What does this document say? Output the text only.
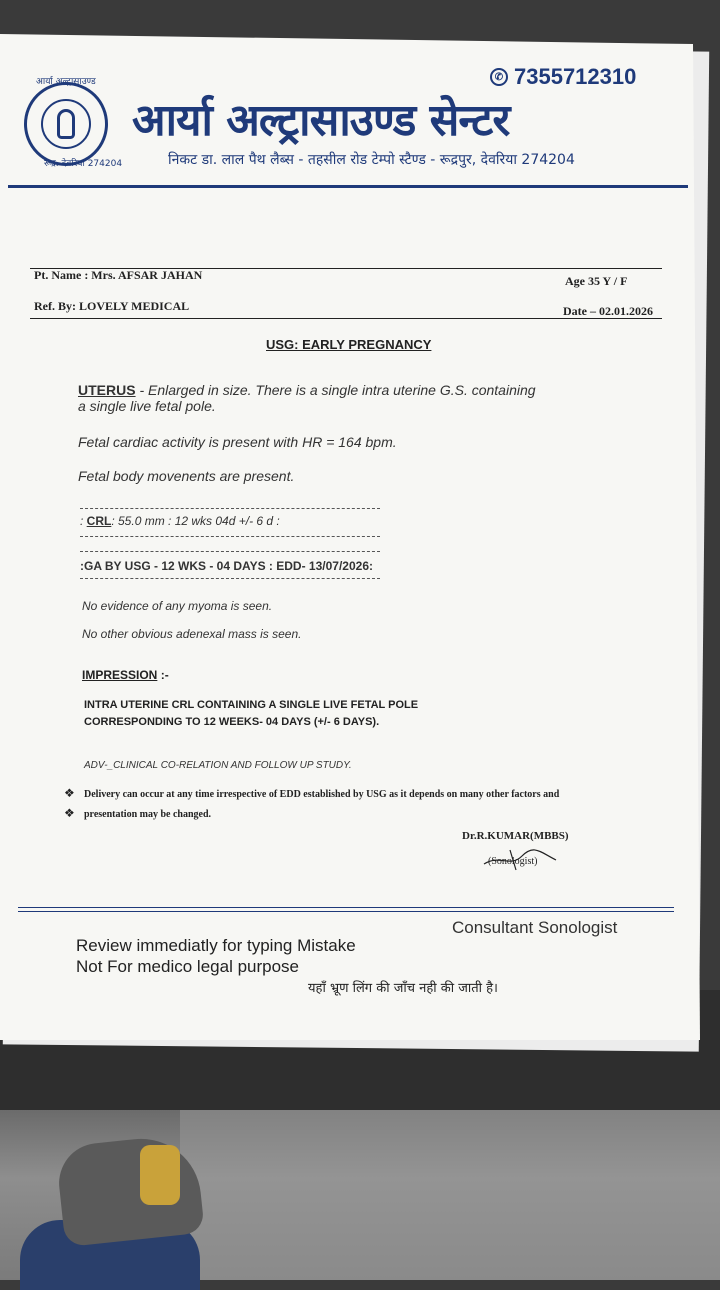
आर्या अल्ट्रासाउण्ड
रूद्र. देवरिया 274204
✆ 7355712310
आर्या अल्ट्रासाउण्ड सेन्टर
निकट डा. लाल पैथ लैब्स - तहसील रोड टेम्पो स्टैण्ड - रूद्रपुर, देवरिया 274204
Pt. Name : Mrs. AFSAR JAHAN	Age 35 Y / F
Ref. By: LOVELY MEDICAL	Date – 02.01.2026
USG: EARLY PREGNANCY
UTERUS - Enlarged in size. There is a single intra uterine G.S. containing
a single live fetal pole.
Fetal cardiac activity is present with HR = 164 bpm.
Fetal body movenents are present.
: CRL: 55.0 mm : 12 wks 04d +/- 6 d :
:GA BY USG - 12 WKS - 04 DAYS : EDD- 13/07/2026:
No evidence of any myoma is seen.
No other obvious adenexal mass is seen.
IMPRESSION :-
INTRA UTERINE CRL CONTAINING A SINGLE LIVE FETAL POLE
CORRESPONDING TO 12 WEEKS- 04 DAYS (+/- 6 DAYS).
ADV-_CLINICAL CO-RELATION AND FOLLOW UP STUDY.
❖ Delivery can occur at any time irrespective of EDD established by USG as it depends on many other factors and
❖ presentation may be changed.
Dr.R.KUMAR(MBBS)
(Sonologist)
Consultant Sonologist
Review immediatly for typing Mistake
Not For medico legal purpose
यहाँ भ्रूण लिंग की जाँच नही की जाती है।
